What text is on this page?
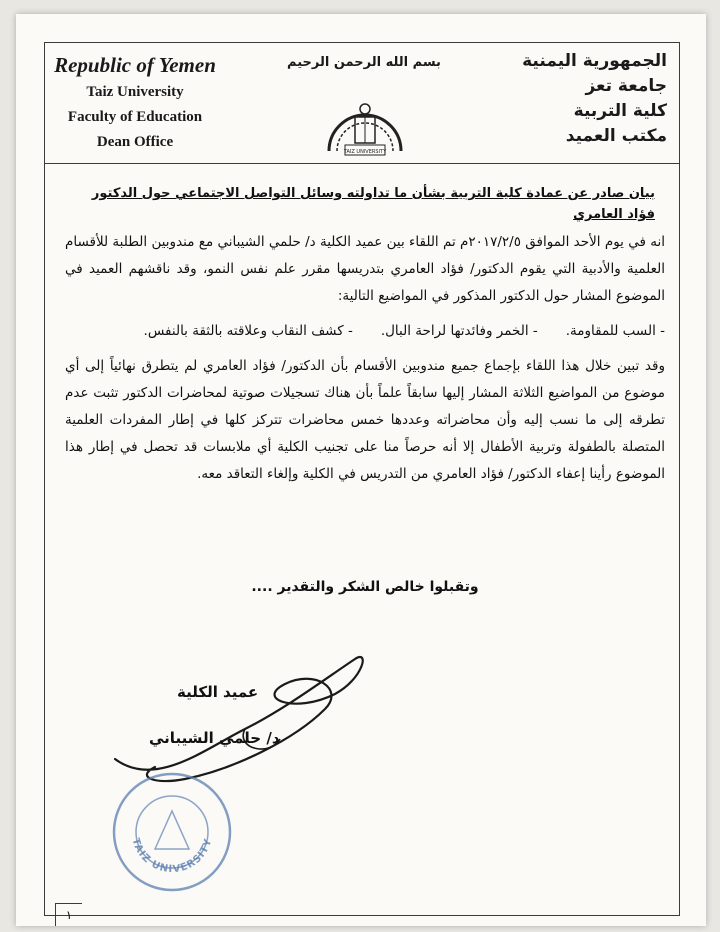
Republic of Yemen
Taiz University
Faculty of Education
Dean Office
بسم الله الرحمن الرحيم
TAIZ UNIVERSITY
الجمهورية اليمنية
جامعة تعز
كلية التربية
مكتب العميد
بيان صادر عن عمادة كلية التربية بشأن ما تداولته وسائل التواصل الاجتماعي حول الدكتور فؤاد العامري

انه في يوم الأحد الموافق ٢٠١٧/٢/٥م تم اللقاء بين عميد الكلية د/ حلمي الشيباني مع مندوبين الطلبة للأقسام العلمية والأدبية التي يقوم الدكتور/ فؤاد العامري بتدريسها مقرر علم نفس النمو، وقد ناقشهم العميد في الموضوع المشار حول الدكتور المذكور في المواضيع التالية:

- السب للمقاومة.
- الخمر وفائدتها لراحة البال.
- كشف النقاب وعلاقته بالثقة بالنفس.

وقد تبين خلال هذا اللقاء بإجماع جميع مندوبين الأقسام بأن الدكتور/ فؤاد العامري لم يتطرق نهائياً إلى أي موضوع من المواضيع الثلاثة المشار إليها سابقاً علماً بأن هناك تسجيلات صوتية لمحاضرات الدكتور تثبت عدم تطرقه إلى ما نسب إليه وأن محاضراته وعددها خمس محاضرات تتركز كلها في إطار المفردات العلمية المتصلة بالطفولة وتربية الأطفال إلا أنه حرصاً منا على تجنيب الكلية أي ملابسات قد تحصل في إطار هذا الموضوع رأينا إعفاء الدكتور/ فؤاد العامري من التدريس في الكلية وإلغاء التعاقد معه.

وتقبلوا خالص الشكر والتقدير ....
عميد الكلية
د/ حلمي الشيباني
TAIZ UNIVERSITY
١
